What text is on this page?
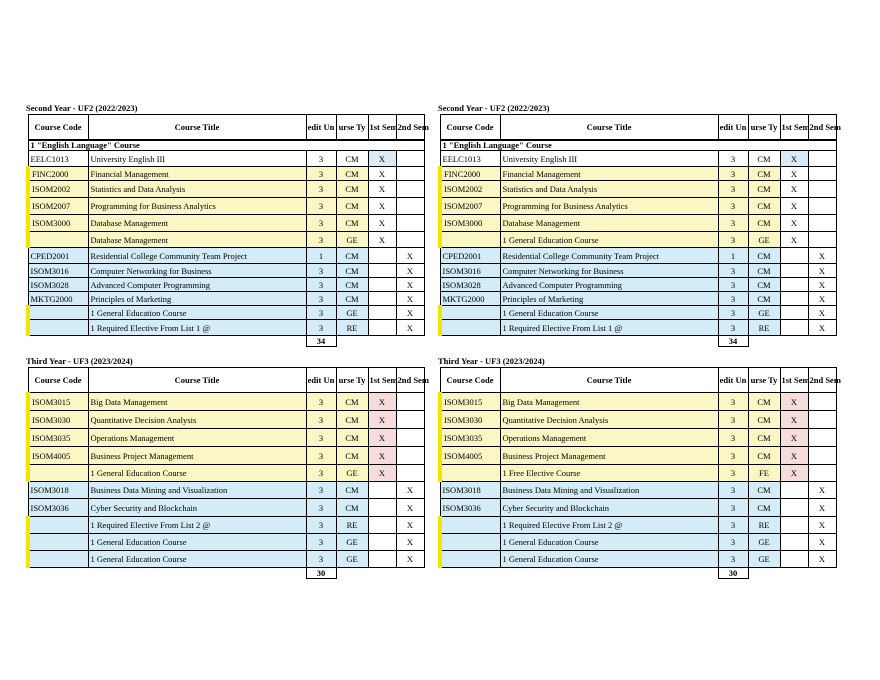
Second Year - UF2 (2022/2023)
Course Code	Course Title	edit Un	urse Ty	1st Sem	2nd Sem
1 "English Language" Course					
EELC1013	University English III	3	CM	X	
FINC2000	Financial Management	3	CM	X	
ISOM2002	Statistics and Data Analysis	3	CM	X	
ISOM2007	Programming for Business Analytics	3	CM	X	
ISOM3000	Database Management	3	CM	X	
	Database Management	3	GE	X	
CPED2001	Residential College Community Team Project	1	CM		X
ISOM3016	Computer Networking for Business	3	CM		X
ISOM3028	Advanced Computer Programming	3	CM		X
MKTG2000	Principles of Marketing	3	CM		X
	1 General Education Course	3	GE		X
	1 Required Elective From List 1 @	3	RE		X
		34			
Second Year - UF2 (2022/2023)
Course Code	Course Title	edit Un	urse Ty	1st Sem	2nd Sem
1 "English Language" Course					
EELC1013	University English III	3	CM	X	
FINC2000	Financial Management	3	CM	X	
ISOM2002	Statistics and Data Analysis	3	CM	X	
ISOM2007	Programming for Business Analytics	3	CM	X	
ISOM3000	Database Management	3	CM	X	
	1 General Education Course	3	GE	X	
CPED2001	Residential College Community Team Project	1	CM		X
ISOM3016	Computer Networking for Business	3	CM		X
ISOM3028	Advanced Computer Programming	3	CM		X
MKTG2000	Principles of Marketing	3	CM		X
	1 General Education Course	3	GE		X
	1 Required Elective From List 1 @	3	RE		X
		34			
Third Year - UF3 (2023/2024)
Course Code	Course Title	edit Un	urse Ty	1st Sem	2nd Sem
ISOM3015	Big Data Management	3	CM	X	
ISOM3030	Quantitative Decision Analysis	3	CM	X	
ISOM3035	Operations Management	3	CM	X	
ISOM4005	Business Project Management	3	CM	X	
	1 General Education Course	3	GE	X	
ISOM3018	Business Data Mining and Visualization	3	CM		X
ISOM3036	Cyber Security and Blockchain	3	CM		X
	1 Required Elective From List 2 @	3	RE		X
	1 General Education Course	3	GE		X
	1 General Education Course	3	GE		X
		30			
Third Year - UF3 (2023/2024)
Course Code	Course Title	edit Un	urse Ty	1st Sem	2nd Sem
ISOM3015	Big Data Management	3	CM	X	
ISOM3030	Quantitative Decision Analysis	3	CM	X	
ISOM3035	Operations Management	3	CM	X	
ISOM4005	Business Project Management	3	CM	X	
	1 Free Elective Course	3	FE	X	
ISOM3018	Business Data Mining and Visualization	3	CM		X
ISOM3036	Cyber Security and Blockchain	3	CM		X
	1 Required Elective From List 2 @	3	RE		X
	1 General Education Course	3	GE		X
	1 General Education Course	3	GE		X
		30			
